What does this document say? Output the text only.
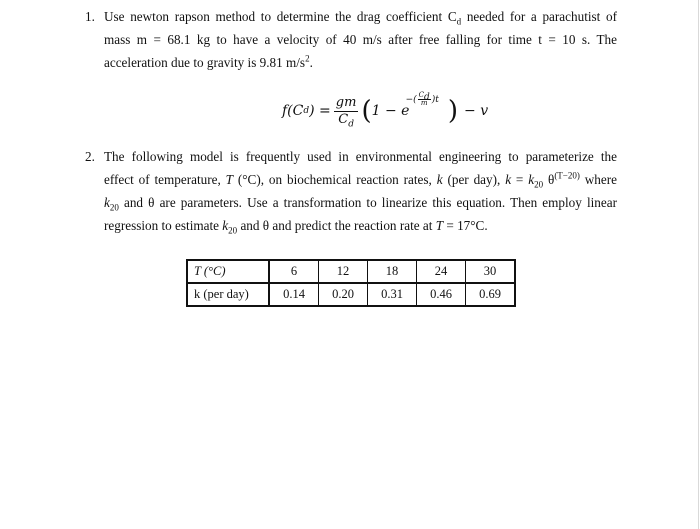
1. Use newton rapson method to determine the drag coefficient $C_d$ needed for a parachutist of
mass m = 68.1 kg to have a velocity of 40 m/s after free falling for time t = 10 s. The
acceleration due to gravity is 9.81 $m/s^2$.
f(C d ) = $\frac{gm}{C_d}$ ( 1 − e
−( $\frac{C_d}{m} )t$ ) − v
2. The following model is frequently used in environmental engineering to parameterize the
effect of temperature, T (°C), on biochemical reaction rates, k (per day), $k = k_{20}$ $\theta^{(T-20)}$ where
$k_{20}$ and θ are parameters. Use a transformation to linearize this equation. Then employ linear
regression to estimate $k_{20}$ and θ and predict the reaction rate at T = 17°C.
T (°C)	6	12	18	24	30
k (per day)	0.14	0.20	0.31	0.46	0.69
